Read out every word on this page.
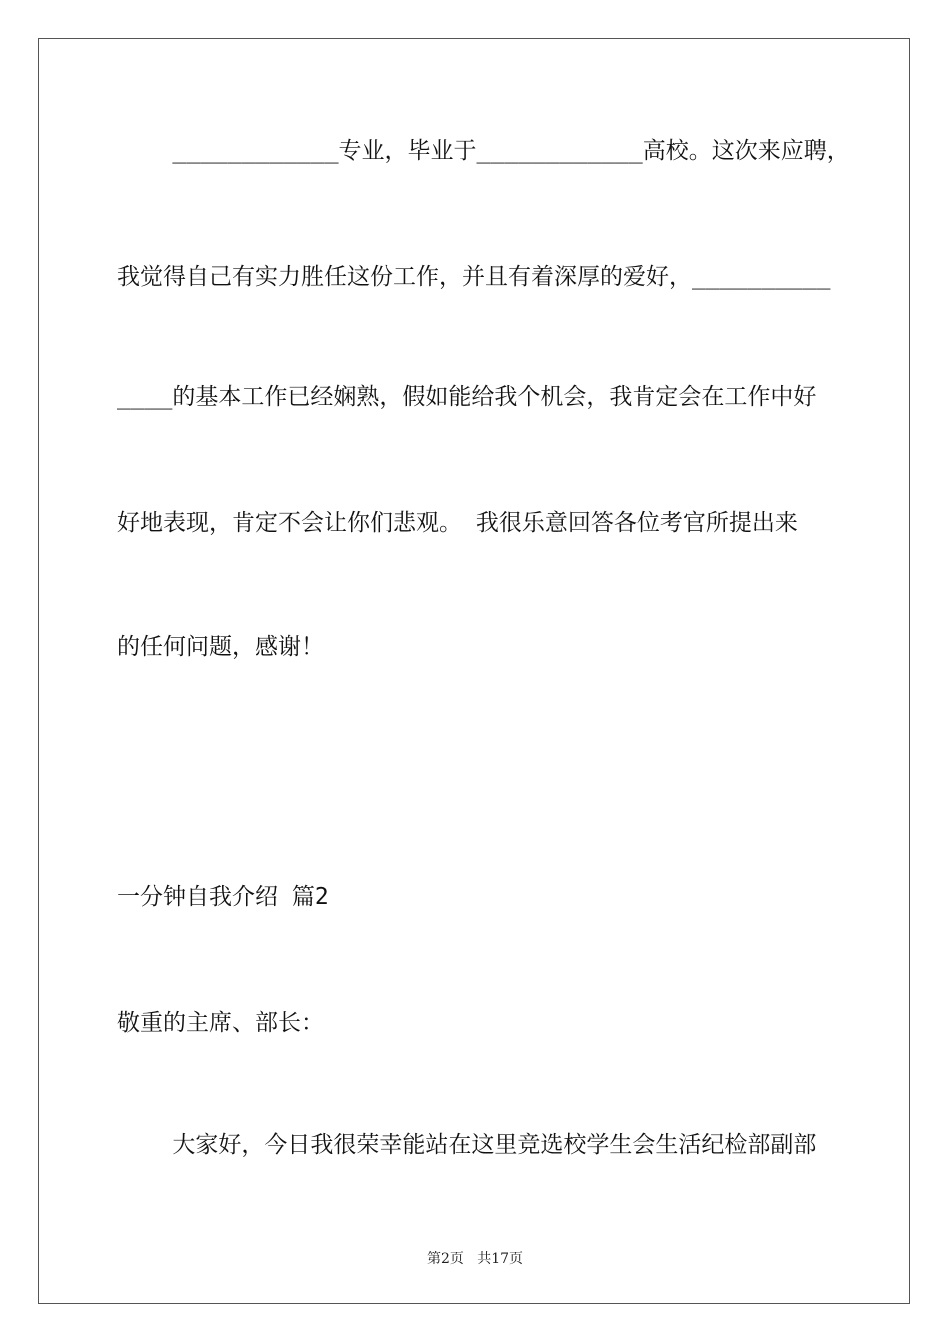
____________专业，毕业于____________高校。这次来应聘，
我觉得自己有实力胜任这份工作，并且有着深厚的爱好，__________
____的基本工作已经娴熟，假如能给我个机会，我肯定会在工作中好
好地表现，肯定不会让你们悲观。 我很乐意回答各位考官所提出来
的任何问题，感谢！
一分钟自我介绍 篇2
敬重的主席、部长：
大家好，今日我很荣幸能站在这里竞选校学生会生活纪检部副部
第2页   共17页
